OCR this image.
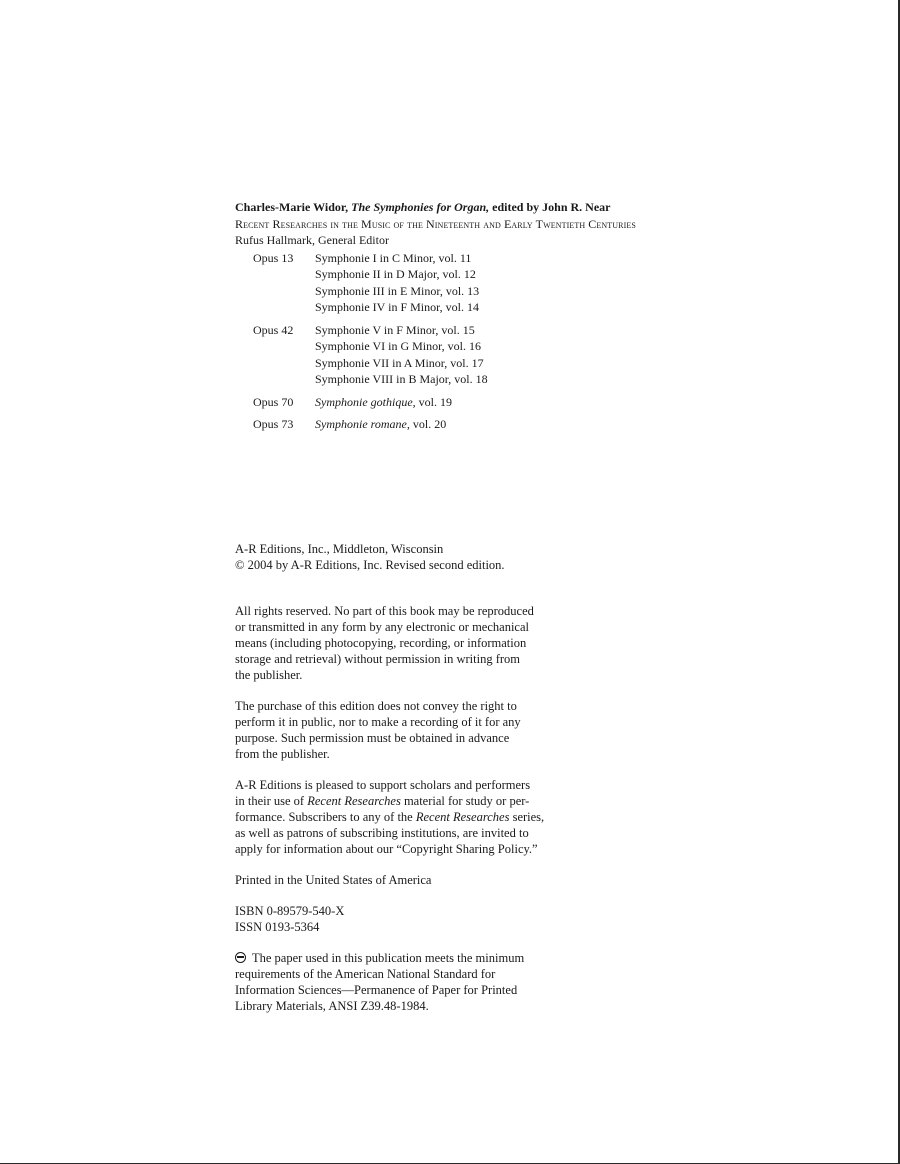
Charles-Marie Widor, The Symphonies for Organ, edited by John R. Near
Recent Researches in the Music of the Nineteenth and Early Twentieth Centuries
Rufus Hallmark, General Editor
Opus 13	Symphonie I in C Minor, vol. 11
Symphonie II in D Major, vol. 12
Symphonie III in E Minor, vol. 13
Symphonie IV in F Minor, vol. 14
Opus 42	Symphonie V in F Minor, vol. 15
Symphonie VI in G Minor, vol. 16
Symphonie VII in A Minor, vol. 17
Symphonie VIII in B Major, vol. 18
Opus 70	Symphonie gothique, vol. 19
Opus 73	Symphonie romane, vol. 20

A-R Editions, Inc., Middleton, Wisconsin
© 2004 by A-R Editions, Inc. Revised second edition.

All rights reserved. No part of this book may be reproduced
or transmitted in any form by any electronic or mechanical
means (including photocopying, recording, or information
storage and retrieval) without permission in writing from
the publisher.
The purchase of this edition does not convey the right to
perform it in public, nor to make a recording of it for any
purpose. Such permission must be obtained in advance
from the publisher.
A-R Editions is pleased to support scholars and performers
in their use of Recent Researches material for study or per-
formance. Subscribers to any of the Recent Researches series,
as well as patrons of subscribing institutions, are invited to
apply for information about our “Copyright Sharing Policy.”
Printed in the United States of America
ISBN 0-89579-540-X
ISSN 0193-5364
The paper used in this publication meets the minimum
requirements of the American National Standard for
Information Sciences—Permanence of Paper for Printed
Library Materials, ANSI Z39.48-1984.
